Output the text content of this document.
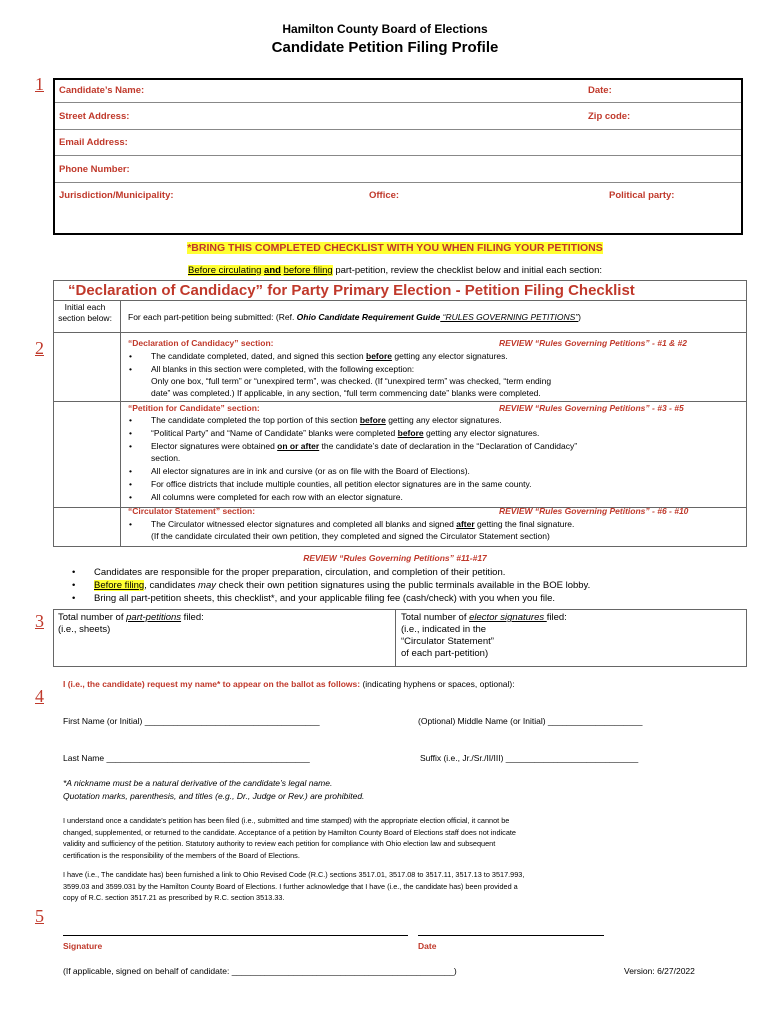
Hamilton County Board of Elections
Candidate Petition Filing Profile
1
2
3
4
5
Candidate’s Name:	Date:
Street Address:	Zip code:
Email Address:
Phone Number:
Jurisdiction/Municipality:	Office:	Political party:
*BRING THIS COMPLETED CHECKLIST WITH YOU WHEN FILING YOUR PETITIONS
Before circulating and before filing part-petition, review the checklist below and initial each section:
“Declaration of Candidacy” for Party Primary Election - Petition Filing Checklist
Initial each section below:	For each part-petition being submitted: (Ref. Ohio Candidate Requirement Guide “RULES GOVERNING PETITIONS”)
“Declaration of Candidacy” section:	REVIEW “Rules Governing Petitions” - #1 & #2
• The candidate completed, dated, and signed this section before getting any elector signatures.
• All blanks in this section were completed, with the following exception:
Only one box, “full term” or “unexpired term”, was checked. (If “unexpired term” was checked, “term ending
date” was completed.) If applicable, in any section, “full term commencing date” blanks were completed.
“Petition for Candidate” section:	REVIEW “Rules Governing Petitions” - #3 - #5
• The candidate completed the top portion of this section before getting any elector signatures.
• “Political Party” and “Name of Candidate” blanks were completed before getting any elector signatures.
• Elector signatures were obtained on or after the candidate’s date of declaration in the “Declaration of Candidacy”
section.
• All elector signatures are in ink and cursive (or as on file with the Board of Elections).
• For office districts that include multiple counties, all petition elector signatures are in the same county.
• All columns were completed for each row with an elector signature.
“Circulator Statement” section:	REVIEW “Rules Governing Petitions” - #6 - #10
• The Circulator witnessed elector signatures and completed all blanks and signed after getting the final signature.
(If the candidate circulated their own petition, they completed and signed the Circulator Statement section)
REVIEW “Rules Governing Petitions” #11-#17
• Candidates are responsible for the proper preparation, circulation, and completion of their petition.
• Before filing, candidates may check their own petition signatures using the public terminals available in the BOE lobby.
• Bring all part-petition sheets, this checklist*, and your applicable filing fee (cash/check) with you when you file.
Total number of part-petitions filed:
(i.e., sheets)
Total number of elector signatures filed:
(i.e., indicated in the
“Circulator Statement”
of each part-petition)
I (i.e., the candidate) request my name* to appear on the ballot as follows: (indicating hyphens or spaces, optional):
First Name (or Initial) _____________________________________	(Optional) Middle Name (or Initial) ____________________
Last Name ___________________________________________	Suffix (i.e., Jr./Sr./II/III) ____________________________
*A nickname must be a natural derivative of the candidate’s legal name.
Quotation marks, parenthesis, and titles (e.g., Dr., Judge or Rev.) are prohibited.
I understand once a candidate’s petition has been filed (i.e., submitted and time stamped) with the appropriate election official, it cannot be
changed, supplemented, or returned to the candidate. Acceptance of a petition by Hamilton County Board of Elections staff does not indicate
validity and sufficiency of the petition. Statutory authority to review each petition for compliance with Ohio election law and subsequent
certification is the responsibility of the members of the Board of Elections.
I have (i.e., The candidate has) been furnished a link to Ohio Revised Code (R.C.) sections 3517.01, 3517.08 to 3517.11, 3517.13 to 3517.993,
3599.03 and 3599.031 by the Hamilton County Board of Elections. I further acknowledge that I have (i.e., the candidate has) been provided a
copy of R.C. section 3517.21 as prescribed by R.C. section 3513.33.
Signature	Date
(If applicable, signed on behalf of candidate: _______________________________________________)	Version: 6/27/2022
